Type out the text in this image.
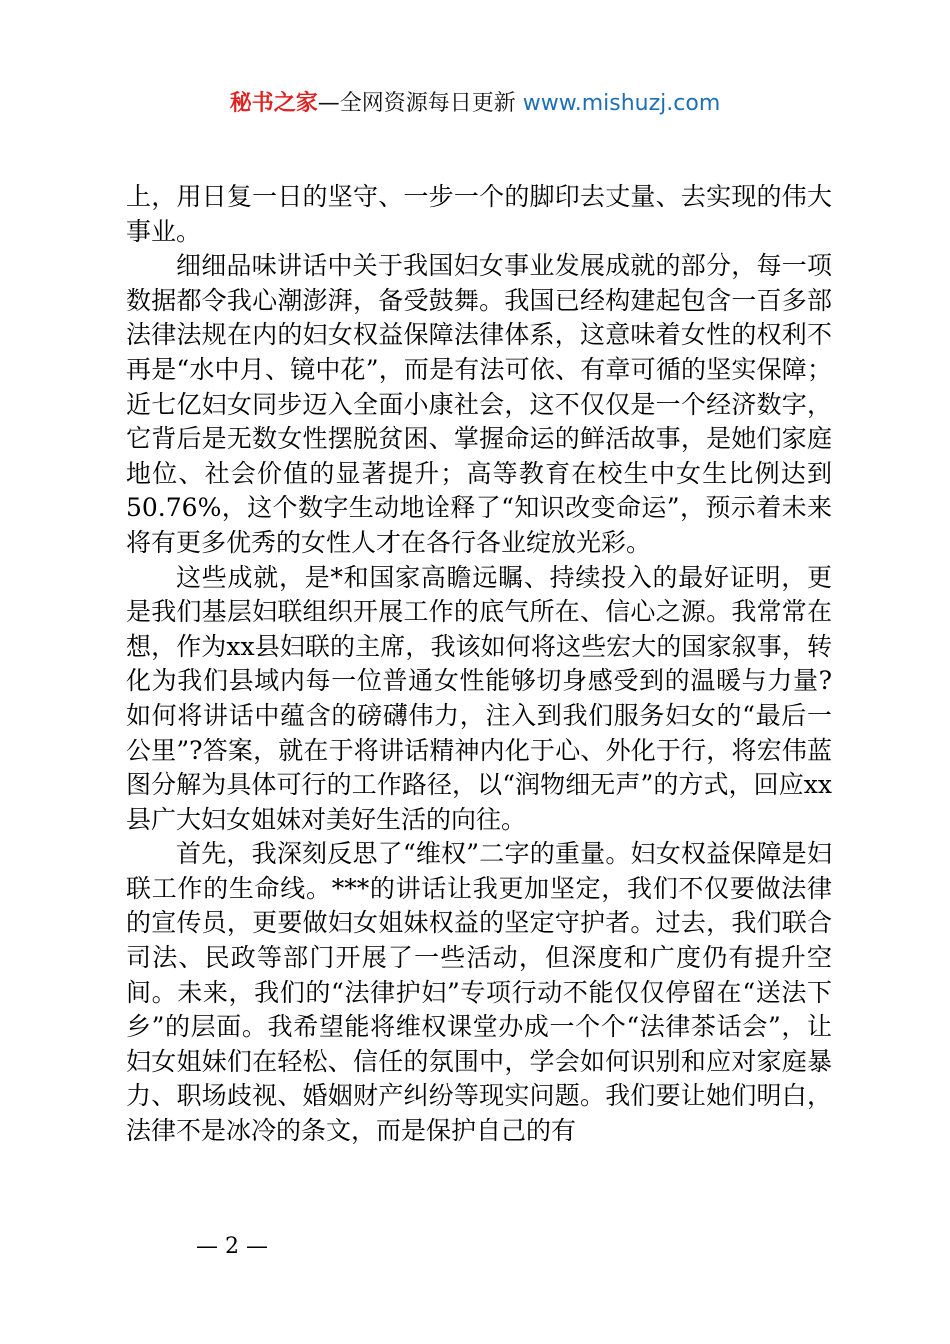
秘书之家—全网资源每日更新 www.mishuzj.com

上，用日复一日的坚守、一步一个的脚印去丈量、去实现的伟大事业。

细细品味讲话中关于我国妇女事业发展成就的部分，每一项数据都令我心潮澎湃，备受鼓舞。我国已经构建起包含一百多部法律法规在内的妇女权益保障法律体系，这意味着女性的权利不再是“水中月、镜中花”，而是有法可依、有章可循的坚实保障；近七亿妇女同步迈入全面小康社会，这不仅仅是一个经济数字，它背后是无数女性摆脱贫困、掌握命运的鲜活故事，是她们家庭地位、社会价值的显著提升；高等教育在校生中女生比例达到50.76%，这个数字生动地诠释了“知识改变命运”，预示着未来将有更多优秀的女性人才在各行各业绽放光彩。

这些成就，是*和国家高瞻远瞩、持续投入的最好证明，更是我们基层妇联组织开展工作的底气所在、信心之源。我常常在想，作为xx县妇联的主席，我该如何将这些宏大的国家叙事，转化为我们县域内每一位普通女性能够切身感受到的温暖与力量?如何将讲话中蕴含的磅礴伟力，注入到我们服务妇女的“最后一公里”?答案，就在于将讲话精神内化于心、外化于行，将宏伟蓝图分解为具体可行的工作路径，以“润物细无声”的方式，回应xx县广大妇女姐妹对美好生活的向往。

首先，我深刻反思了“维权”二字的重量。妇女权益保障是妇联工作的生命线。***的讲话让我更加坚定，我们不仅要做法律的宣传员，更要做妇女姐妹权益的坚定守护者。过去，我们联合司法、民政等部门开展了一些活动，但深度和广度仍有提升空间。未来，我们的“法律护妇”专项行动不能仅仅停留在“送法下乡”的层面。我希望能将维权课堂办成一个个“法律茶话会”，让妇女姐妹们在轻松、信任的氛围中，学会如何识别和应对家庭暴力、职场歧视、婚姻财产纠纷等现实问题。我们要让她们明白，法律不是冰冷的条文，而是保护自己的有

— 2 —
